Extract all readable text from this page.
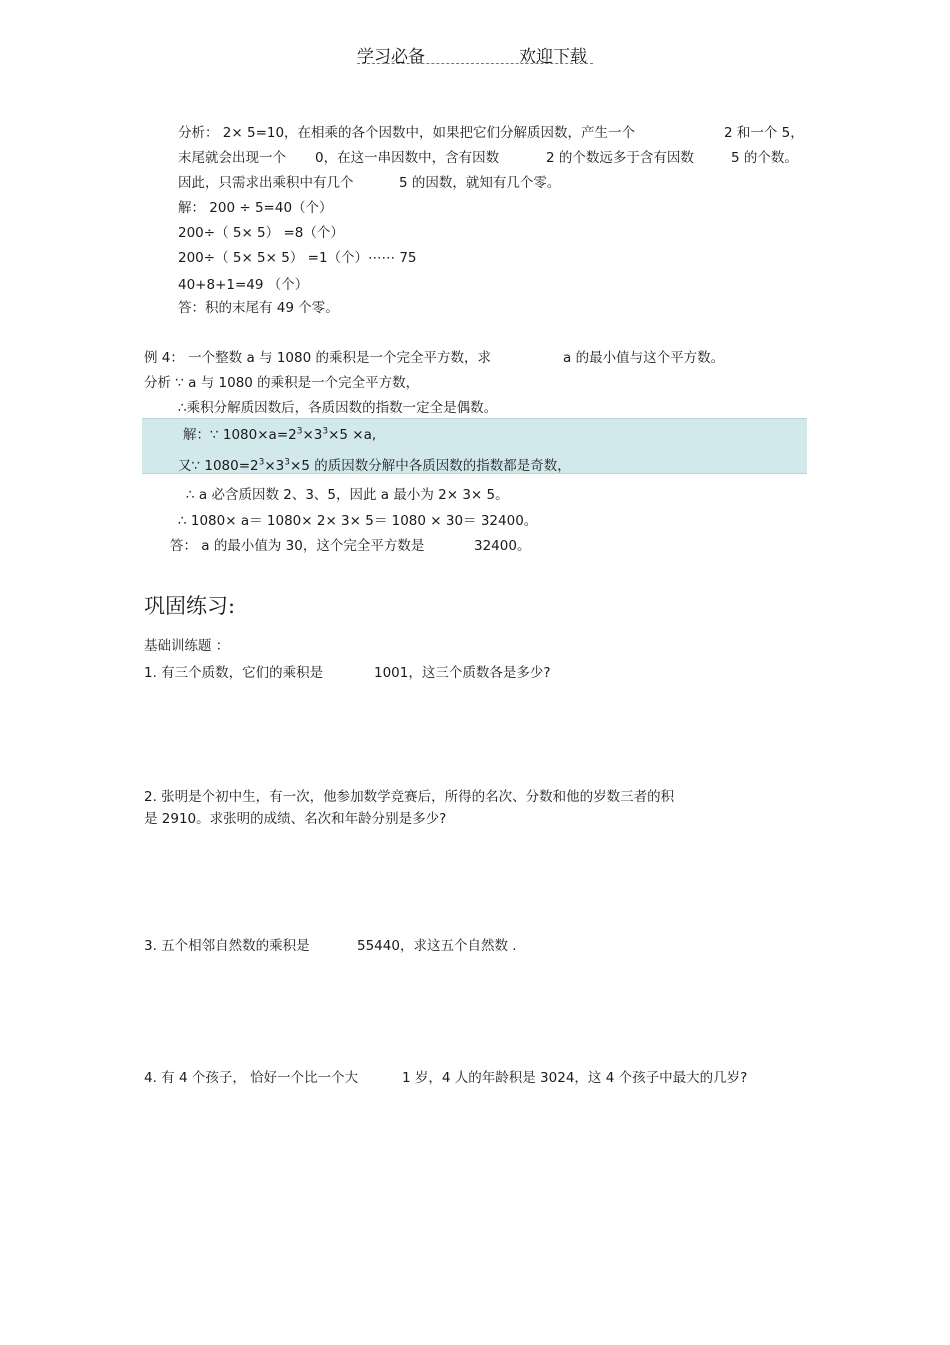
学习必备	欢迎下载
分析： 2× 5=10，在相乘的各个因数中，如果把它们分解质因数，产生一个	2 和一个 5，
末尾就会出现一个 0，在这一串因数中，含有因数	2 的个数远多于含有因数	5 的个数。
因此，只需求出乘积中有几个	5 的因数，就知有几个零。
解： 200 ÷ 5=40（个）
200÷（ 5× 5） =8（个）
200÷（ 5× 5× 5） =1（个）⋯⋯ 75
40+8+1=49 （个）
答：积的末尾有 49 个零。
例 4： 一个整数 a 与 1080 的乘积是一个完全平方数，求	a 的最小值与这个平方数。
分析 ∵ a 与 1080 的乘积是一个完全平方数，
∴乘积分解质因数后，各质因数的指数一定全是偶数。
解：∵ $1080\times a=2^3\times 3^3\times 5 \times a$,
又∵ $1080=2^3\times 3^3\times 5$ 的质因数分解中各质因数的指数都是奇数，
∴ a 必含质因数 2、3、5，因此 a 最小为 2× 3× 5。
∴ 1080× a＝ 1080× 2× 3× 5＝ 1080 × 30＝ 32400。
答： a 的最小值为 30，这个完全平方数是	32400。
巩固练习:
基础训练题 ：
1. 有三个质数，它们的乘积是	1001，这三个质数各是多少?
2. 张明是个初中生，有一次，他参加数学竞赛后，所得的名次、分数和他的岁数三者的积
是 2910。求张明的成绩、名次和年龄分别是多少?
3. 五个相邻自然数的乘积是	55440，求这五个自然数 .
4. 有 4 个孩子， 恰好一个比一个大	1 岁，4 人的年龄积是 3024，这 4 个孩子中最大的几岁?
